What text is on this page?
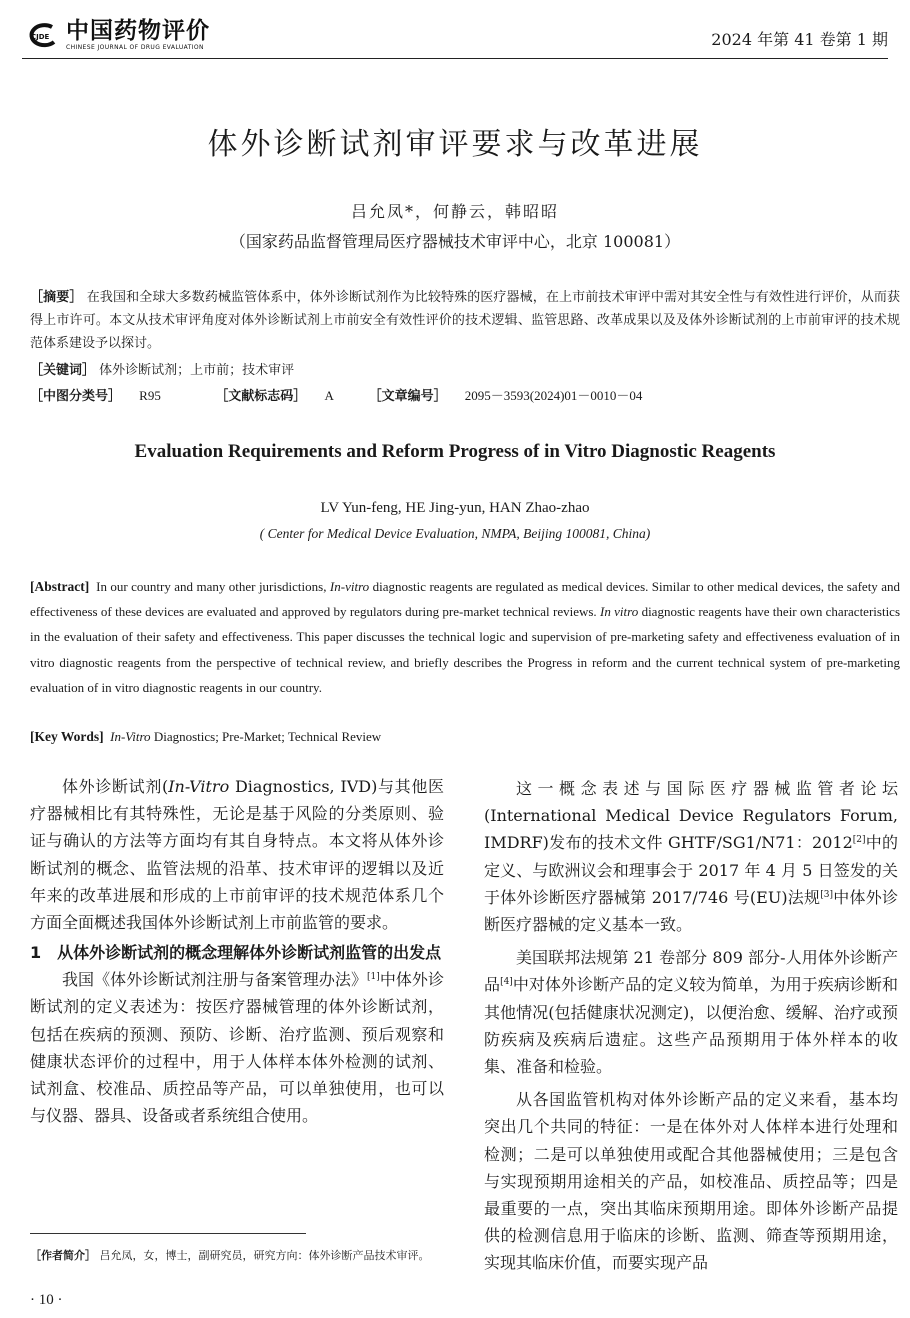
CJDE 中国药物评价
CHINESE JOURNAL OF DRUG EVALUATION	2024 年第 41 卷第 1 期
体外诊断试剂审评要求与改革进展
吕允凤*，何静云，韩昭昭
（国家药品监督管理局医疗器械技术审评中心，北京 100081）
［摘要］ 在我国和全球大多数药械监管体系中，体外诊断试剂作为比较特殊的医疗器械，在上市前技术审评中需对其安全性与有效性进行评价，从而获得上市许可。本文从技术审评角度对体外诊断试剂上市前安全有效性评价的技术逻辑、监管思路、改革成果以及及体外诊断试剂的上市前审评的技术规范体系建设予以探讨。
［关键词］ 体外诊断试剂；上市前；技术审评
［中图分类号］ R95	［文献标志码］ A	［文章编号］ 2095－3593(2024)01－0010－04
Evaluation Requirements and Reform Progress of in Vitro Diagnostic Reagents
LV Yun-feng, HE Jing-yun, HAN Zhao-zhao
( Center for Medical Device Evaluation, NMPA, Beijing 100081, China)
[Abstract] In our country and many other jurisdictions, In-vitro diagnostic reagents are regulated as medical devices. Similar to other medical devices, the safety and effectiveness of these devices are evaluated and approved by regulators during pre-market technical reviews. In vitro diagnostic reagents have their own characteristics in the evaluation of their safety and effectiveness. This paper discusses the technical logic and supervision of pre-marketing safety and effectiveness evaluation of in vitro diagnostic reagents from the perspective of technical review, and briefly describes the Progress in reform and the current technical system of pre-marketing evaluation of in vitro diagnostic reagents in our country.
[Key Words] In-Vitro Diagnostics; Pre-Market; Technical Review

体外诊断试剂(In-Vitro Diagnostics, IVD)与其他医疗器械相比有其特殊性，无论是基于风险的分类原则、验证与确认的方法等方面均有其自身特点。本文将从体外诊断试剂的概念、监管法规的沿革、技术审评的逻辑以及近年来的改革进展和形成的上市前审评的技术规范体系几个方面全面概述我国体外诊断试剂上市前监管的要求。

1　从体外诊断试剂的概念理解体外诊断试剂监管的出发点

我国《体外诊断试剂注册与备案管理办法》[1]中体外诊断试剂的定义表述为：按医疗器械管理的体外诊断试剂，包括在疾病的预测、预防、诊断、治疗监测、预后观察和健康状态评价的过程中，用于人体样本体外检测的试剂、试剂盒、校准品、质控品等产品，可以单独使用，也可以与仪器、器具、设备或者系统组合使用。

这一概念表述与国际医疗器械监管者论坛(International Medical Device Regulators Forum, IMDRF)发布的技术文件 GHTF/SG1/N71：2012[2]中的定义、与欧洲议会和理事会于 2017 年 4 月 5 日签发的关于体外诊断医疗器械第 2017/746 号(EU)法规[3]中体外诊断医疗器械的定义基本一致。

美国联邦法规第 21 卷部分 809 部分-人用体外诊断产品[4]中对体外诊断产品的定义较为简单，为用于疾病诊断和其他情况(包括健康状况测定)，以便治愈、缓解、治疗或预防疾病及疾病后遗症。这些产品预期用于体外样本的收集、准备和检验。

从各国监管机构对体外诊断产品的定义来看，基本均突出几个共同的特征：一是在体外对人体样本进行处理和检测；二是可以单独使用或配合其他器械使用；三是包含与实现预期用途相关的产品，如校准品、质控品等；四是最重要的一点，突出其临床预期用途。即体外诊断产品提供的检测信息用于临床的诊断、监测、筛查等预期用途，实现其临床价值，而要实现产品

［作者简介］ 吕允凤，女，博士，副研究员，研究方向：体外诊断产品技术审评。
· 10 ·
